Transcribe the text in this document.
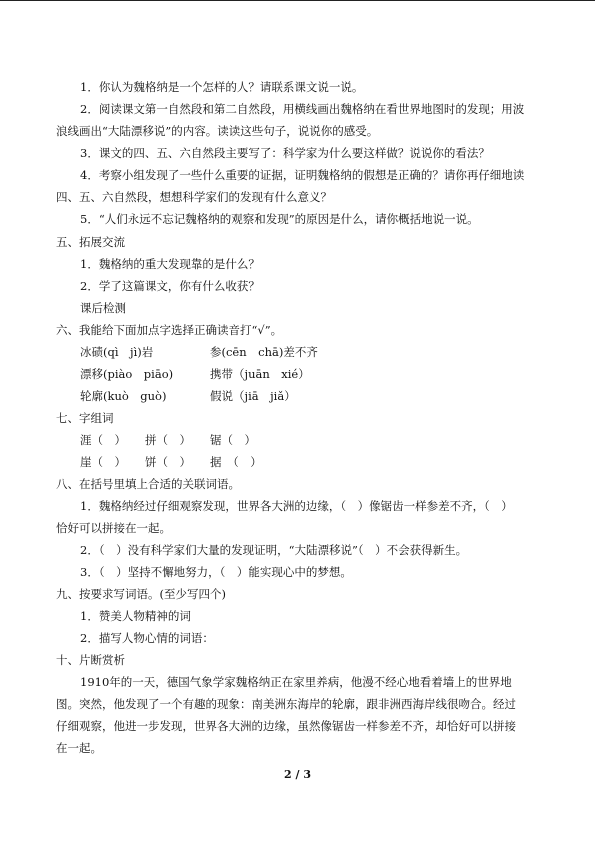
1．你认为魏格纳是一个怎样的人？请联系课文说一说。
2．阅读课文第一自然段和第二自然段，用横线画出魏格纳在看世界地图时的发现；用波
浪线画出“大陆漂移说”的内容。读读这些句子，说说你的感受。
3．课文的四、五、六自然段主要写了：科学家为什么要这样做？说说你的看法？
4．考察小组发现了一些什么重要的证据，证明魏格纳的假想是正确的？请你再仔细地读
四、五、六自然段，想想科学家们的发现有什么意义？
5．“人们永远不忘记魏格纳的观察和发现”的原因是什么，请你概括地说一说。
五、拓展交流
1．魏格纳的重大发现靠的是什么？
2．学了这篇课文，你有什么收获？
课后检测
六、我能给下面加点字选择正确读音打“√”。
冰碛(qì　jì)岩	参(cēn　chā)差不齐
漂移(piào　piāo)	携带（juān　xié）
轮廓(kuò　guò)	假说（jiā　jiǎ）
七、字组词
涯（　） 拼（　） 锯（　）
崖（　） 饼（　） 据　（　）
八、在括号里填上合适的关联词语。
1．魏格纳经过仔细观察发现，世界各大洲的边缘，（　）像锯齿一样参差不齐，（　）
恰好可以拼接在一起。
2．（　）没有科学家们大量的发现证明，“大陆漂移说”（　）不会获得新生。
3．（　）坚持不懈地努力，（　）能实现心中的梦想。
九、按要求写词语。(至少写四个)
1．赞美人物精神的词
2．描写人物心情的词语：
十、片断赏析
1910年的一天，德国气象学家魏格纳正在家里养病，他漫不经心地看着墙上的世界地
图。突然，他发现了一个有趣的现象：南美洲东海岸的轮廓，跟非洲西海岸线很吻合。经过
仔细观察，他进一步发现，世界各大洲的边缘，虽然像锯齿一样参差不齐，却恰好可以拼接
在一起。
2 / 3
